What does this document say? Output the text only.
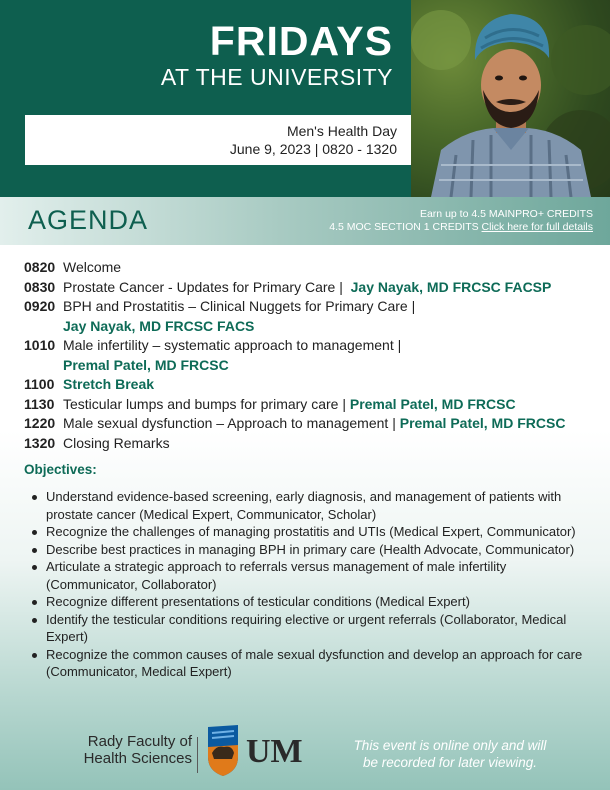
FRIDAYS
AT THE UNIVERSITY
Men's Health Day
June 9, 2023 | 0820 - 1320
AGENDA	Earn up to 4.5 MAINPRO+ CREDITS
4.5 MOC SECTION 1 CREDITS Click here for full details
0820 Welcome
0830 Prostate Cancer - Updates for Primary Care | Jay Nayak, MD FRCSC FACSP
0920 BPH and Prostatitis – Clinical Nuggets for Primary Care |
Jay Nayak, MD FRCSC FACS
1010 Male infertility – systematic approach to management |
Premal Patel, MD FRCSC
1100 Stretch Break
1130 Testicular lumps and bumps for primary care | Premal Patel, MD FRCSC
1220 Male sexual dysfunction – Approach to management | Premal Patel, MD FRCSC
1320 Closing Remarks
Objectives:
Understand evidence-based screening, early diagnosis, and management of patients with prostate cancer (Medical Expert, Communicator, Scholar)
Recognize the challenges of managing prostatitis and UTIs (Medical Expert, Communicator)
Describe best practices in managing BPH in primary care (Health Advocate, Communicator)
Articulate a strategic approach to referrals versus management of male infertility (Communicator, Collaborator)
Recognize different presentations of testicular conditions (Medical Expert)
Identify the testicular conditions requiring elective or urgent referrals (Collaborator, Medical Expert)
Recognize the common causes of male sexual dysfunction and develop an approach for care (Communicator, Medical Expert)
Rady Faculty of
Health Sciences UM	This event is online only and will
be recorded for later viewing.
